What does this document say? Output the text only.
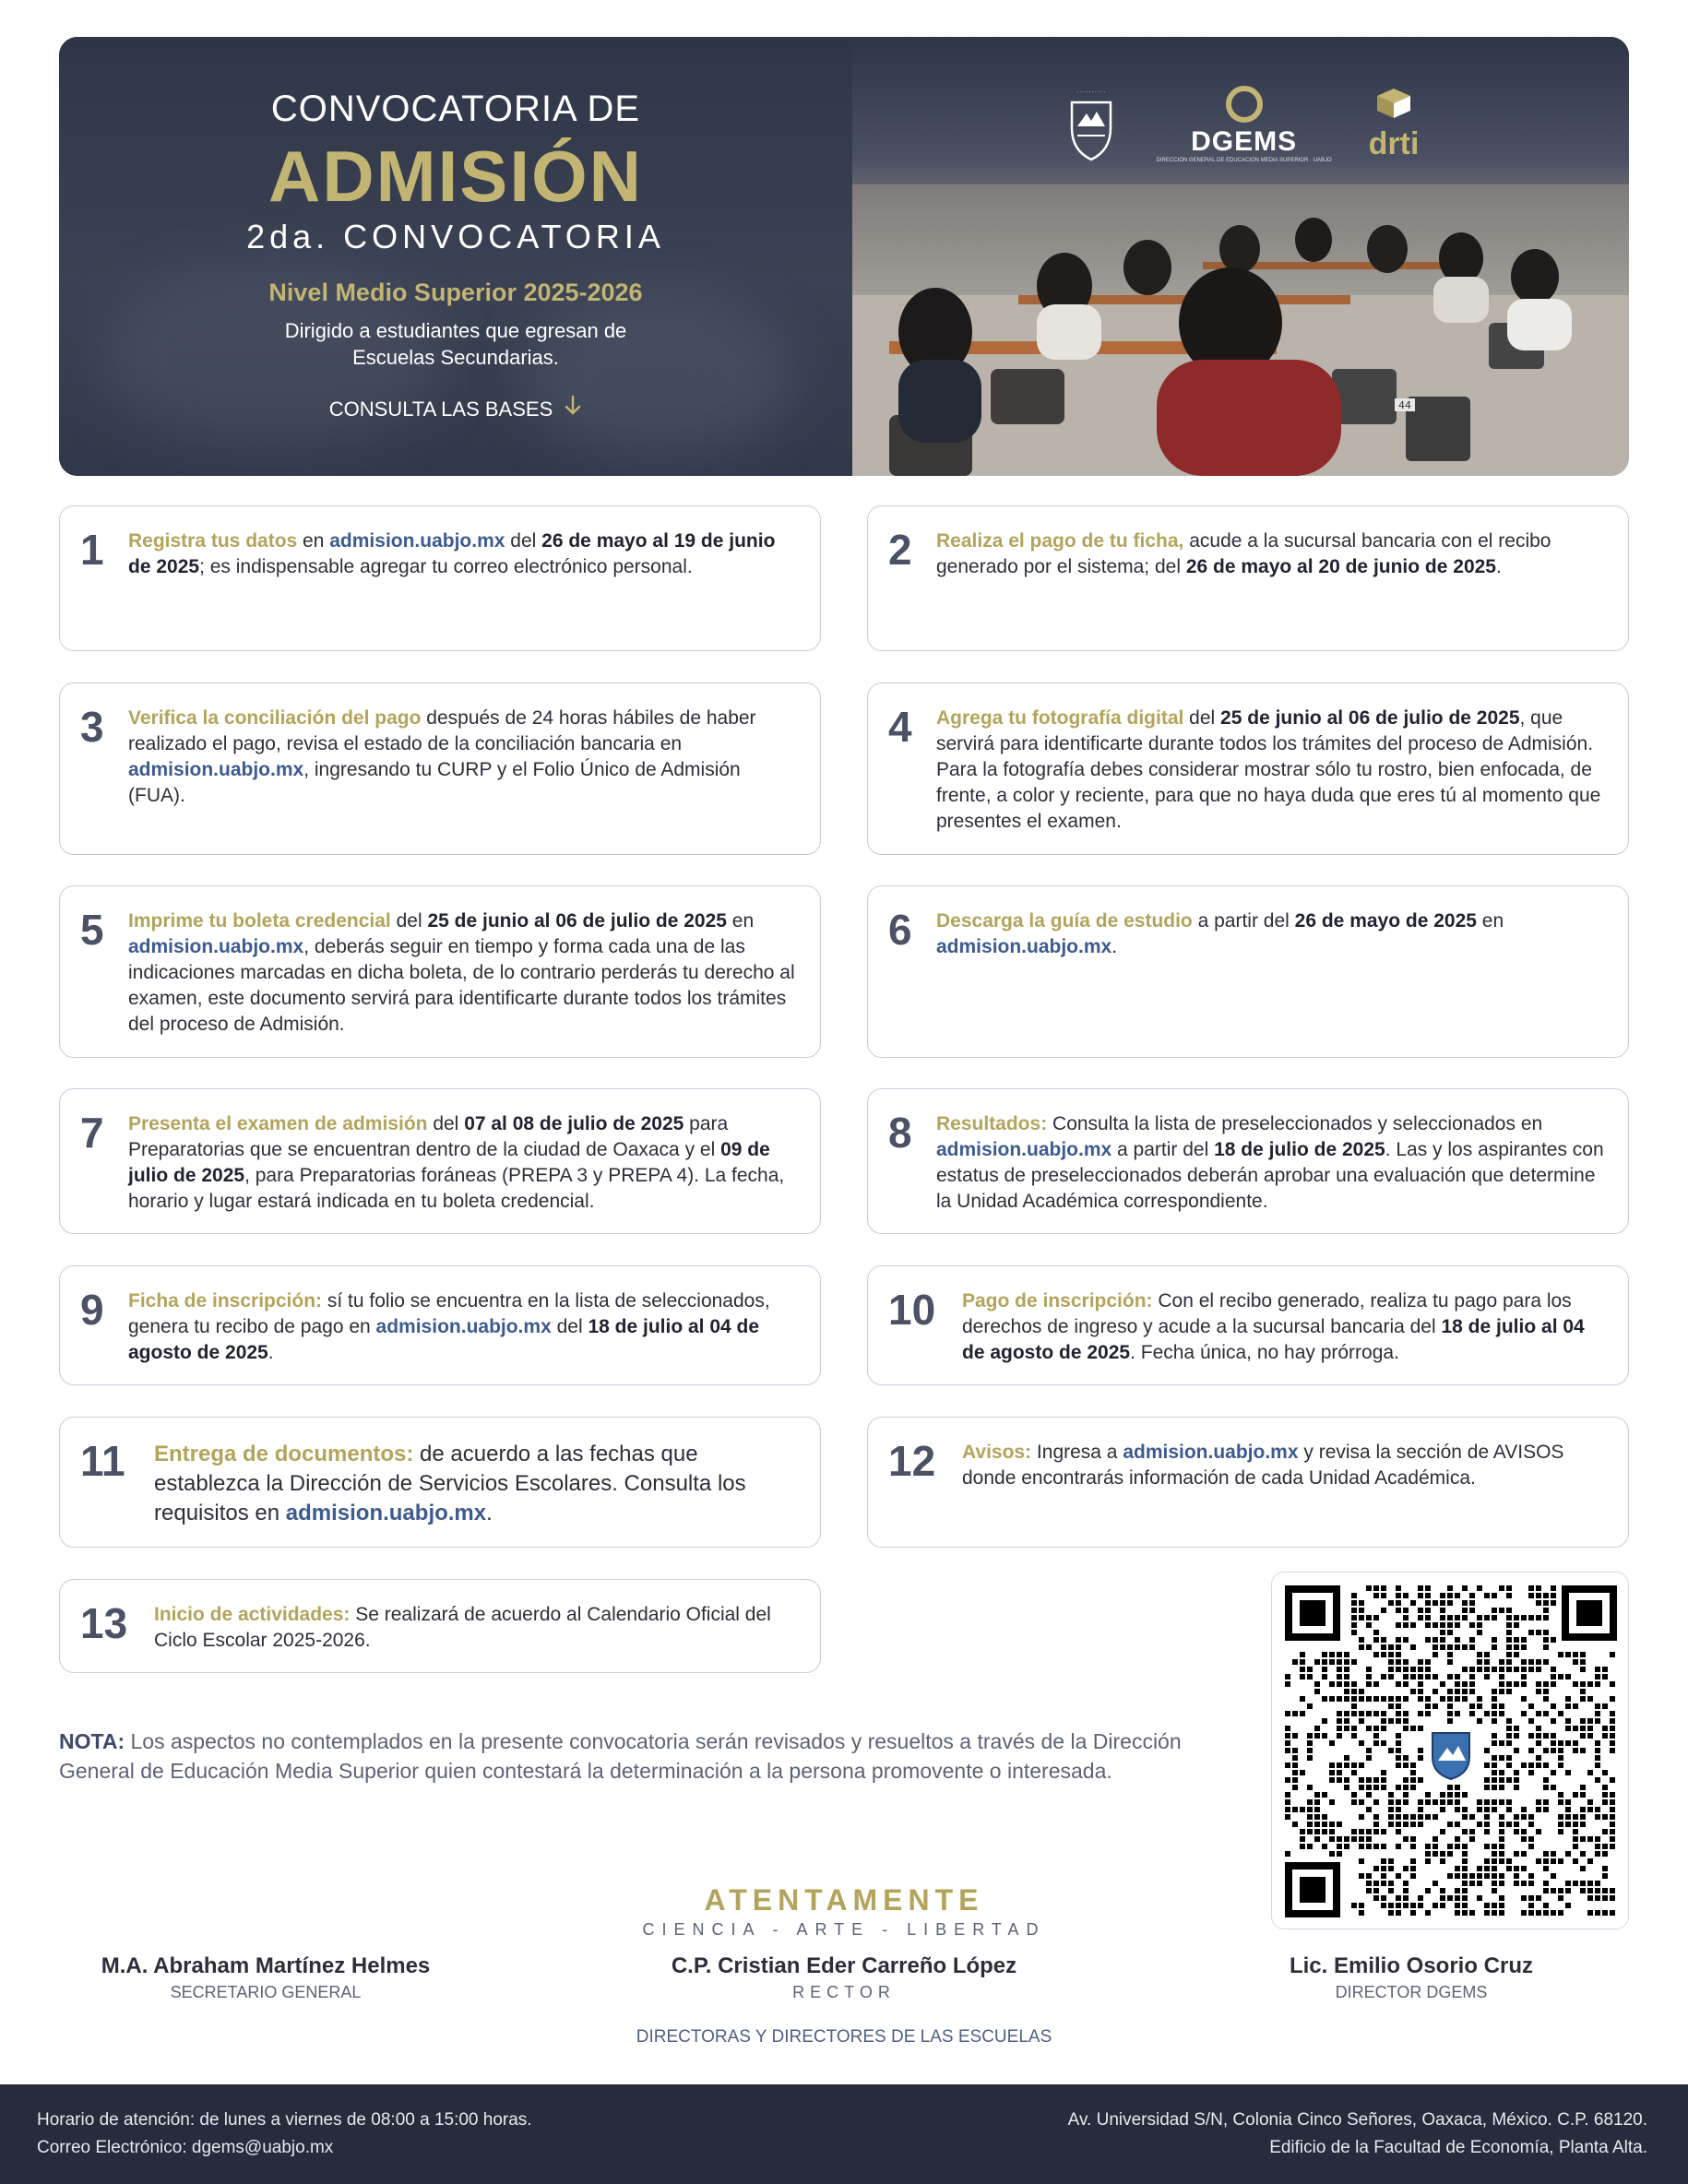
CONVOCATORIA DE
ADMISIÓN
2da. CONVOCATORIA
Nivel Medio Superior 2025-2026
Dirigido a estudiantes que egresan de Escuelas Secundarias.
CONSULTA LAS BASES
· · · · · · · · · ·
DGEMS
DIRECCIÓN GENERAL DE EDUCACIÓN MEDIA SUPERIOR · UABJO drti
44
1 Registra tus datos en admision.uabjo.mx del 26 de mayo al 19 de junio de 2025; es indispensable agregar tu correo electrónico personal.	2 Realiza el pago de tu ficha, acude a la sucursal bancaria con el recibo generado por el sistema; del 26 de mayo al 20 de junio de 2025.
3 Verifica la conciliación del pago después de 24 horas hábiles de haber realizado el pago, revisa el estado de la conciliación bancaria en admision.uabjo.mx, ingresando tu CURP y el Folio Único de Admisión (FUA).
4 Agrega tu fotografía digital del 25 de junio al 06 de julio de 2025, que servirá para identificarte durante todos los trámites del proceso de Admisión. Para la fotografía debes considerar mostrar sólo tu rostro, bien enfocada, de frente, a color y reciente, para que no haya duda que eres tú al momento que presentes el examen.
5 Imprime tu boleta credencial del 25 de junio al 06 de julio de 2025 en admision.uabjo.mx, deberás seguir en tiempo y forma cada una de las indicaciones marcadas en dicha boleta, de lo contrario perderás tu derecho al examen, este documento servirá para identificarte durante todos los trámites del proceso de Admisión.
6 Descarga la guía de estudio a partir del 26 de mayo de 2025 en admision.uabjo.mx.
7 Presenta el examen de admisión del 07 al 08 de julio de 2025 para Preparatorias que se encuentran dentro de la ciudad de Oaxaca y el 09 de julio de 2025, para Preparatorias foráneas (PREPA 3 y PREPA 4). La fecha, horario y lugar estará indicada en tu boleta credencial.
8 Resultados: Consulta la lista de preseleccionados y seleccionados en admision.uabjo.mx a partir del 18 de julio de 2025. Las y los aspirantes con estatus de preseleccionados deberán aprobar una evaluación que determine la Unidad Académica correspondiente.
9 Ficha de inscripción: sí tu folio se encuentra en la lista de seleccionados, genera tu recibo de pago en admision.uabjo.mx del 18 de julio al 04 de agosto de 2025.
10 Pago de inscripción: Con el recibo generado, realiza tu pago para los derechos de ingreso y acude a la sucursal bancaria del 18 de julio al 04 de agosto de 2025. Fecha única, no hay prórroga.
11 Entrega de documentos: de acuerdo a las fechas que establezca la Dirección de Servicios Escolares. Consulta los requisitos en admision.uabjo.mx.
12 Avisos: Ingresa a admision.uabjo.mx y revisa la sección de AVISOS donde encontrarás información de cada Unidad Académica.
13 Inicio de actividades: Se realizará de acuerdo al Calendario Oficial del Ciclo Escolar 2025-2026.
NOTA: Los aspectos no contemplados en la presente convocatoria serán revisados y resueltos a través de la Dirección General de Educación Media Superior quien contestará la determinación a la persona promovente o interesada.
ATENTAMENTE
CIENCIA - ARTE - LIBERTAD
M.A. Abraham Martínez Helmes
SECRETARIO GENERAL
C.P. Cristian Eder Carreño López
RECTOR
Lic. Emilio Osorio Cruz
DIRECTOR DGEMS
DIRECTORAS Y DIRECTORES DE LAS ESCUELAS
Horario de atención: de lunes a viernes de 08:00 a 15:00 horas.
Correo Electrónico: dgems@uabjo.mx
Av. Universidad S/N, Colonia Cinco Señores, Oaxaca, México. C.P. 68120.
Edificio de la Facultad de Economía, Planta Alta.
